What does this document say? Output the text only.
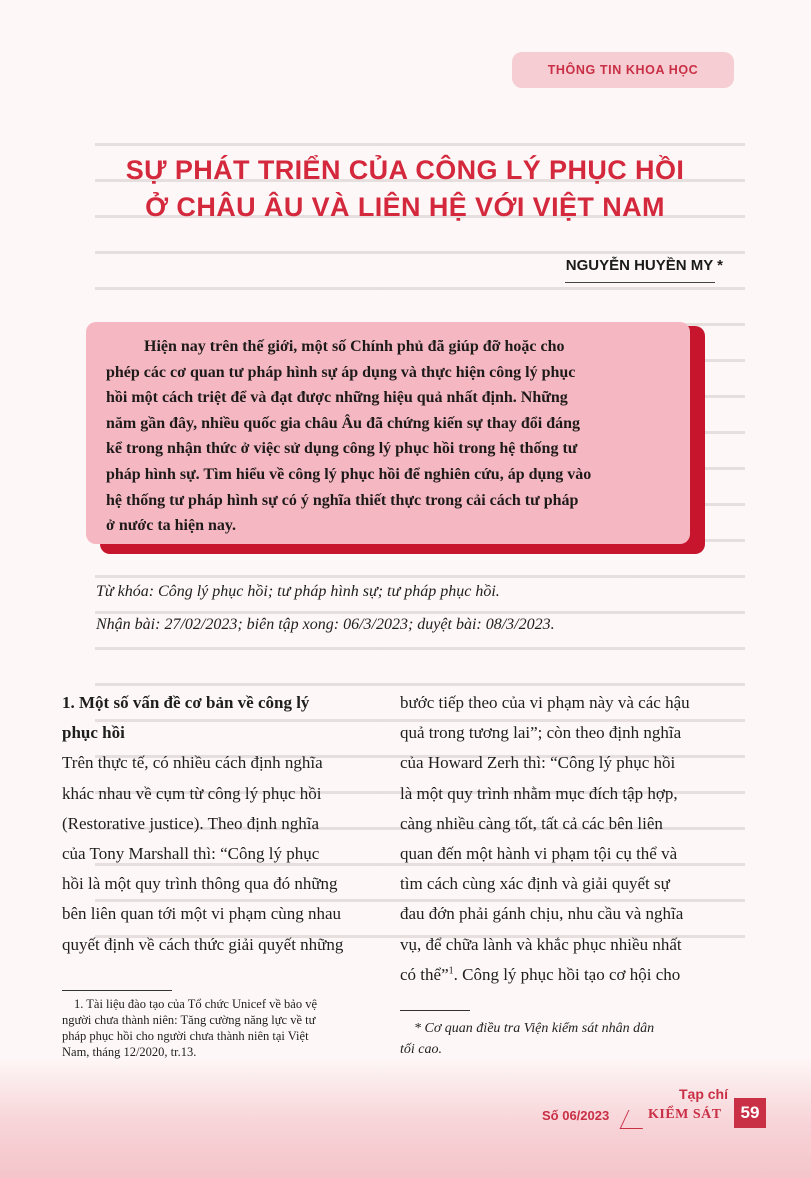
THÔNG TIN KHOA HỌC
SỰ PHÁT TRIỂN CỦA CÔNG LÝ PHỤC HỒI
Ở CHÂU ÂU VÀ LIÊN HỆ VỚI VIỆT NAM
NGUYỄN HUYỀN MY *
Hiện nay trên thế giới, một số Chính phủ đã giúp đỡ hoặc cho
phép các cơ quan tư pháp hình sự áp dụng và thực hiện công lý phục
hồi một cách triệt để và đạt được những hiệu quả nhất định. Những
năm gần đây, nhiều quốc gia châu Âu đã chứng kiến sự thay đổi đáng
kể trong nhận thức ở việc sử dụng công lý phục hồi trong hệ thống tư
pháp hình sự. Tìm hiểu về công lý phục hồi để nghiên cứu, áp dụng vào
hệ thống tư pháp hình sự có ý nghĩa thiết thực trong cải cách tư pháp
ở nước ta hiện nay.
Từ khóa: Công lý phục hồi; tư pháp hình sự; tư pháp phục hồi.
Nhận bài: 27/02/2023; biên tập xong: 06/3/2023; duyệt bài: 08/3/2023.
1. Một số vấn đề cơ bản về công lý
phục hồi
Trên thực tế, có nhiều cách định nghĩa
khác nhau về cụm từ công lý phục hồi
(Restorative justice). Theo định nghĩa
của Tony Marshall thì: “Công lý phục
hồi là một quy trình thông qua đó những
bên liên quan tới một vi phạm cùng nhau
quyết định về cách thức giải quyết những
bước tiếp theo của vi phạm này và các hậu
quả trong tương lai”; còn theo định nghĩa
của Howard Zerh thì: “Công lý phục hồi
là một quy trình nhằm mục đích tập hợp,
càng nhiều càng tốt, tất cả các bên liên
quan đến một hành vi phạm tội cụ thể và
tìm cách cùng xác định và giải quyết sự
đau đớn phải gánh chịu, nhu cầu và nghĩa
vụ, để chữa lành và khắc phục nhiều nhất
có thể”$^1$. Công lý phục hồi tạo cơ hội cho
1. Tài liệu đào tạo của Tổ chức Unicef về bảo vệ
người chưa thành niên: Tăng cường năng lực về tư
pháp phục hồi cho người chưa thành niên tại Việt
Nam, tháng 12/2020, tr.13.
* Cơ quan điều tra Viện kiểm sát nhân dân
tối cao.
Tạp chí
Số 06/2023	KIỂM SÁT	59
